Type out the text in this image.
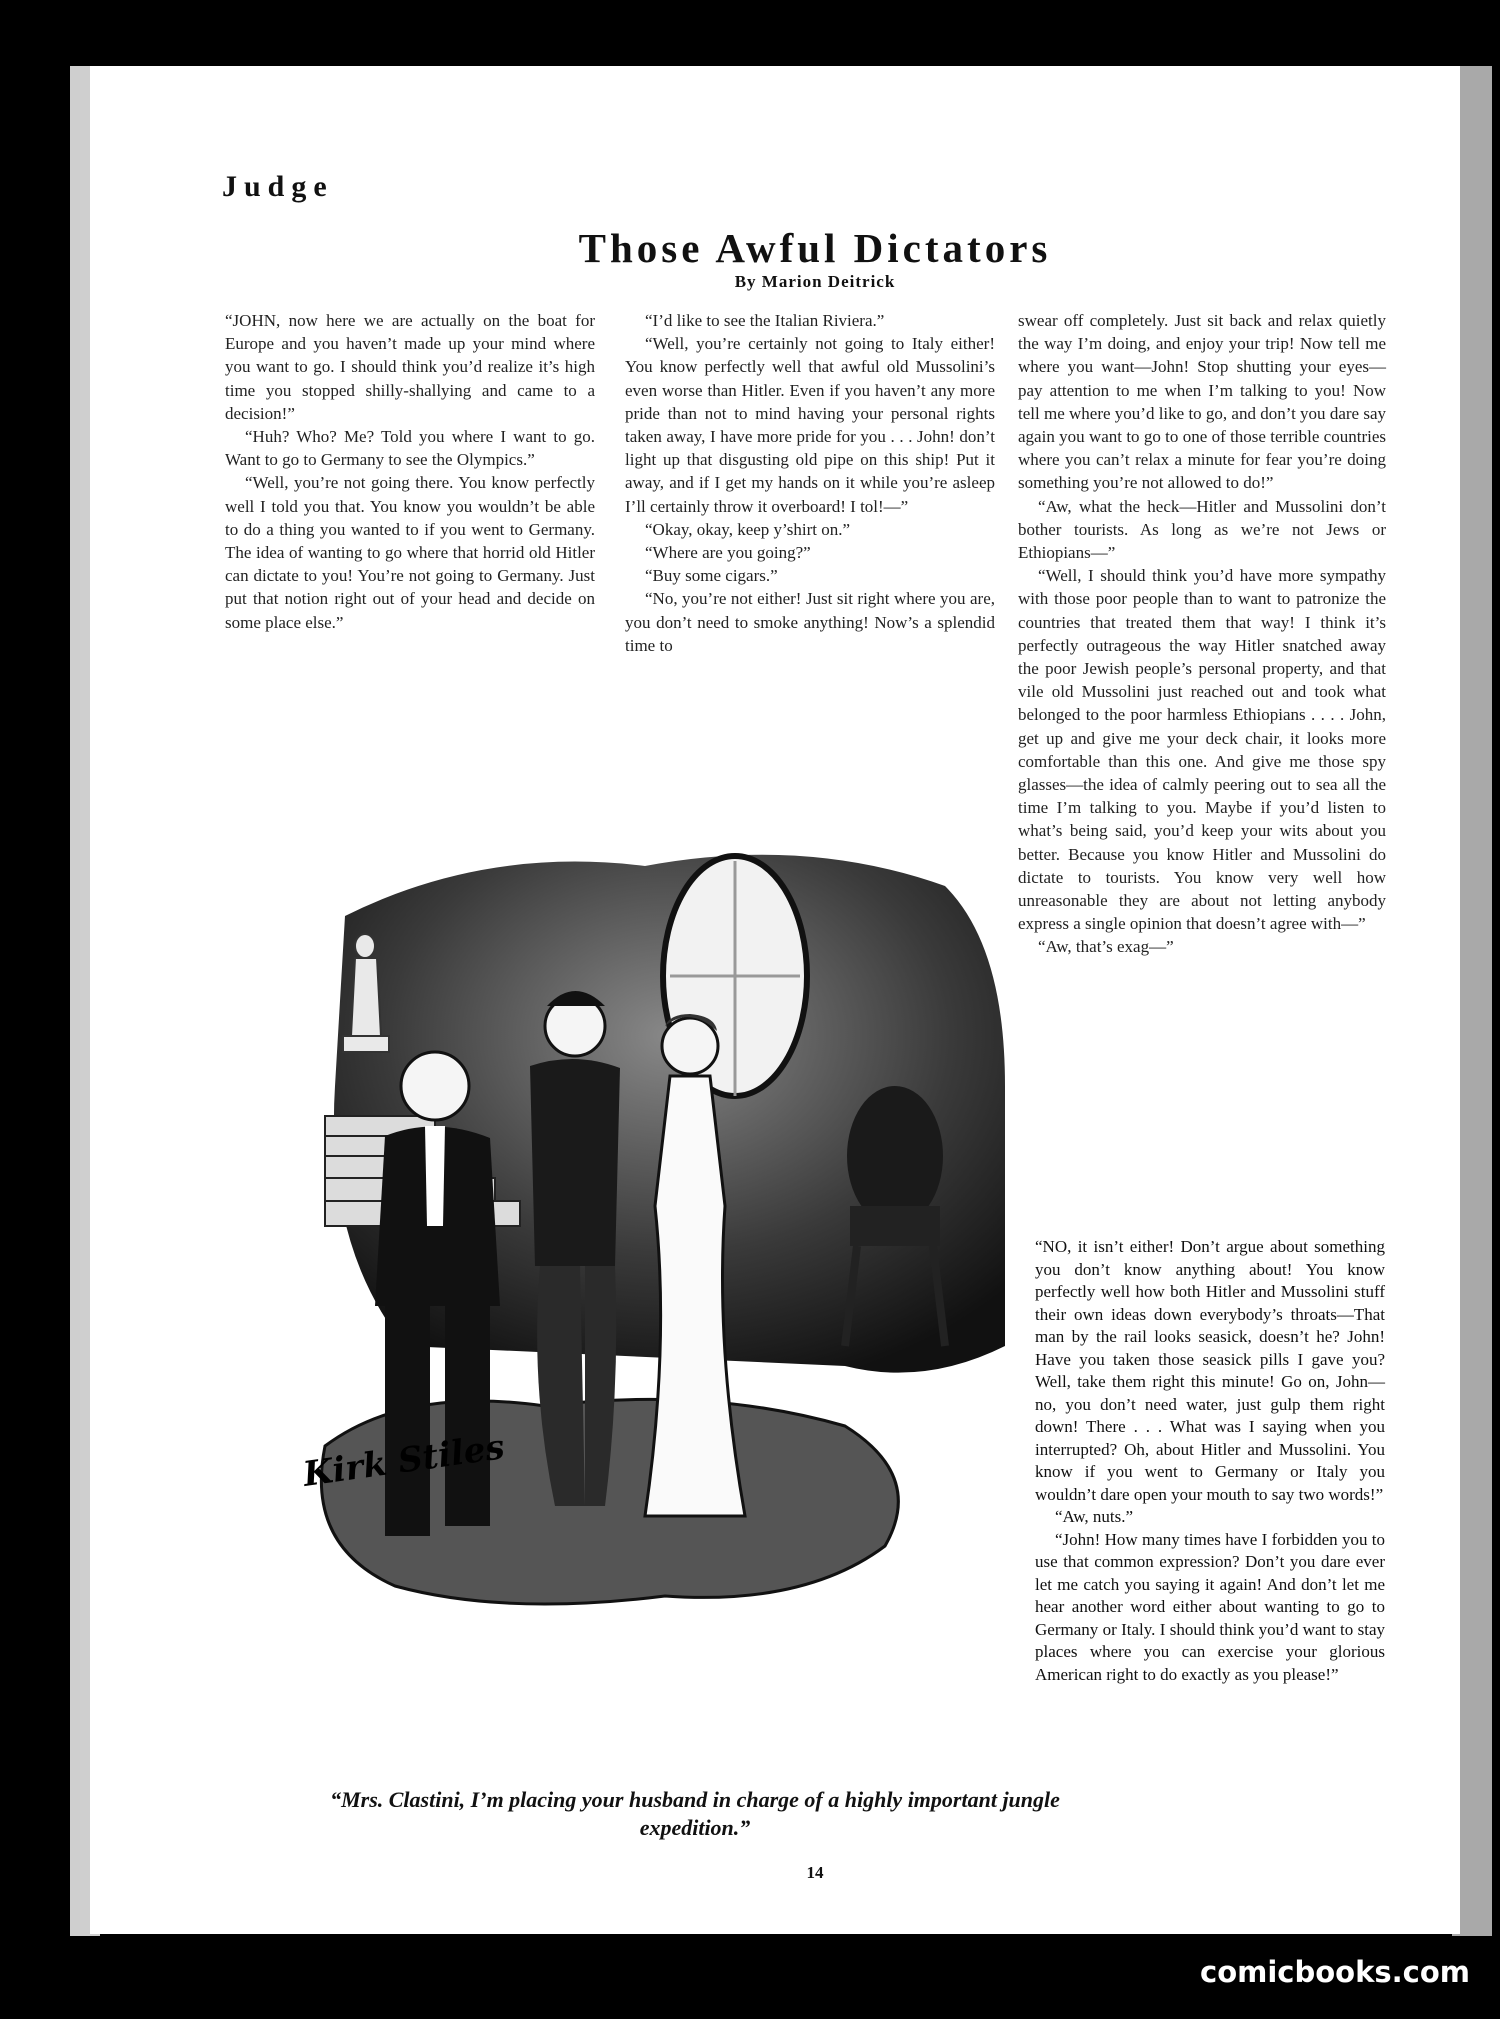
Judge
Those Awful Dictators
By Marion Deitrick

“JOHN, now here we are actually on the boat for Europe and you haven’t made up your mind where you want to go. I should think you’d realize it’s high time you stopped shilly-shallying and came to a decision!”

“Huh? Who? Me? Told you where I want to go. Want to go to Germany to see the Olympics.”

“Well, you’re not going there. You know perfectly well I told you that. You know you wouldn’t be able to do a thing you wanted to if you went to Germany. The idea of wanting to go where that horrid old Hitler can dictate to you! You’re not going to Germany. Just put that notion right out of your head and decide on some place else.”

“I’d like to see the Italian Riviera.”

“Well, you’re certainly not going to Italy either! You know perfectly well that awful old Mussolini’s even worse than Hitler. Even if you haven’t any more pride than not to mind having your personal rights taken away, I have more pride for you . . . John! don’t light up that disgusting old pipe on this ship! Put it away, and if I get my hands on it while you’re asleep I’ll certainly throw it overboard! I tol!—”

“Okay, okay, keep y’shirt on.”

“Where are you going?”

“Buy some cigars.”

“No, you’re not either! Just sit right where you are, you don’t need to smoke anything! Now’s a splendid time to

swear off completely. Just sit back and relax quietly the way I’m doing, and enjoy your trip! Now tell me where you want—John! Stop shutting your eyes—pay attention to me when I’m talking to you! Now tell me where you’d like to go, and don’t you dare say again you want to go to one of those terrible countries where you can’t relax a minute for fear you’re doing something you’re not allowed to do!”

“Aw, what the heck—Hitler and Mussolini don’t bother tourists. As long as we’re not Jews or Ethiopians—”

“Well, I should think you’d have more sympathy with those poor people than to want to patronize the countries that treated them that way! I think it’s perfectly outrageous the way Hitler snatched away the poor Jewish people’s personal property, and that vile old Mussolini just reached out and took what belonged to the poor harmless Ethiopians . . . . John, get up and give me your deck chair, it looks more comfortable than this one. And give me those spy glasses—the idea of calmly peering out to sea all the time I’m talking to you. Maybe if you’d listen to what’s being said, you’d keep your wits about you better. Because you know Hitler and Mussolini do dictate to tourists. You know very well how unreasonable they are about not letting anybody express a single opinion that doesn’t agree with—”

“Aw, that’s exag—”

“NO, it isn’t either! Don’t argue about something you don’t know anything about! You know perfectly well how both Hitler and Mussolini stuff their own ideas down everybody’s throats—That man by the rail looks seasick, doesn’t he? John! Have you taken those seasick pills I gave you? Well, take them right this minute! Go on, John—no, you don’t need water, just gulp them right down! There . . . What was I saying when you interrupted? Oh, about Hitler and Mussolini. You know if you went to Germany or Italy you wouldn’t dare open your mouth to say two words!”

“Aw, nuts.”

“John! How many times have I forbidden you to use that common expression? Don’t you dare ever let me catch you saying it again! And don’t let me hear another word either about wanting to go to Germany or Italy. I should think you’d want to stay places where you can exercise your glorious American right to do exactly as you please!”

Kirk Stiles
“Mrs. Clastini, I’m placing your husband in charge of a highly important jungle expedition.”
14
comicbooks.com
